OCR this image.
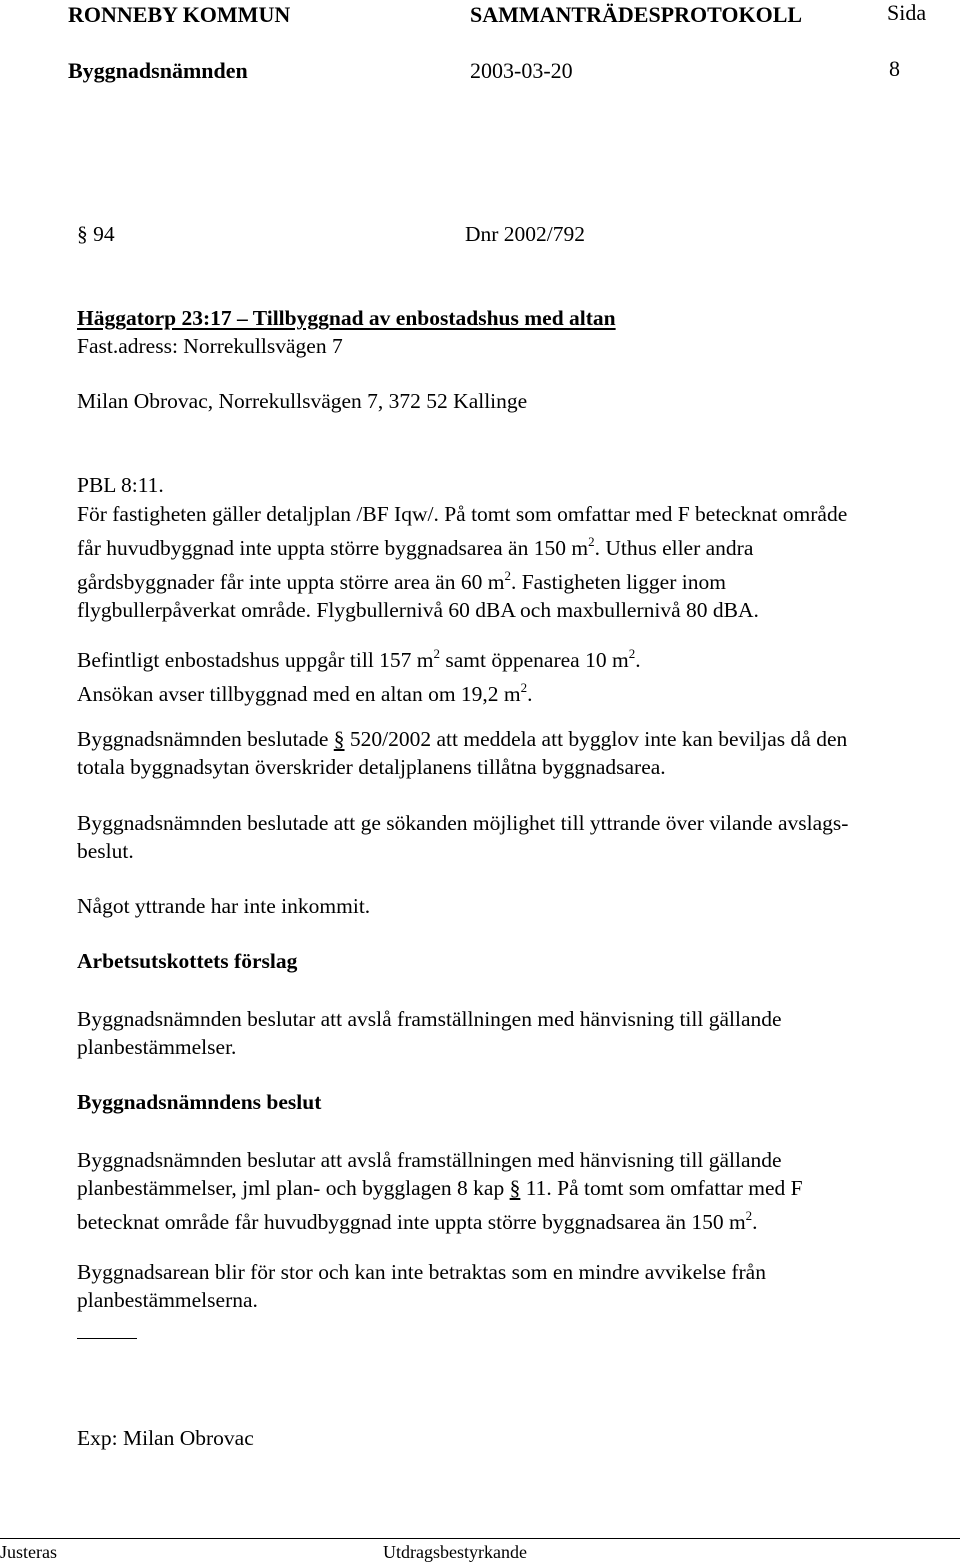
RONNEBY KOMMUN	SAMMANTRÄDESPROTOKOLL	Sida
Byggnadsnämnden	2003-03-20	8
§ 94	Dnr 2002/792
Häggatorp 23:17 – Tillbyggnad av enbostadshus med altan
Fast.adress: Norrekullsvägen 7
Milan Obrovac, Norrekullsvägen 7, 372 52 Kallinge
PBL 8:11.
För fastigheten gäller detaljplan /BF Iqw/. På tomt som omfattar med F betecknat område
får huvudbyggnad inte uppta större byggnadsarea än 150 $m^2$. Uthus eller andra
gårdsbyggnader får inte uppta större area än 60 $m^2$. Fastigheten ligger inom
flygbullerpåverkat område. Flygbullernivå 60 dBA och maxbullernivå 80 dBA.
Befintligt enbostadshus uppgår till 157 $m^2$ samt öppenarea 10 $m^2$.
Ansökan avser tillbyggnad med en altan om 19,2 $m^2$.
Byggnadsnämnden beslutade § 520/2002 att meddela att bygglov inte kan beviljas då den
totala byggnadsytan överskrider detaljplanens tillåtna byggnadsarea.
Byggnadsnämnden beslutade att ge sökanden möjlighet till yttrande över vilande avslags-
beslut.
Något yttrande har inte inkommit.
Arbetsutskottets förslag
Byggnadsnämnden beslutar att avslå framställningen med hänvisning till gällande
planbestämmelser.
Byggnadsnämndens beslut
Byggnadsnämnden beslutar att avslå framställningen med hänvisning till gällande
planbestämmelser, jml plan- och bygglagen 8 kap § 11. På tomt som omfattar med F
betecknat område får huvudbyggnad inte uppta större byggnadsarea än 150 $m^2$.
Byggnadsarean blir för stor och kan inte betraktas som en mindre avvikelse från
planbestämmelserna.
Exp: Milan Obrovac
Justeras	Utdragsbestyrkande
